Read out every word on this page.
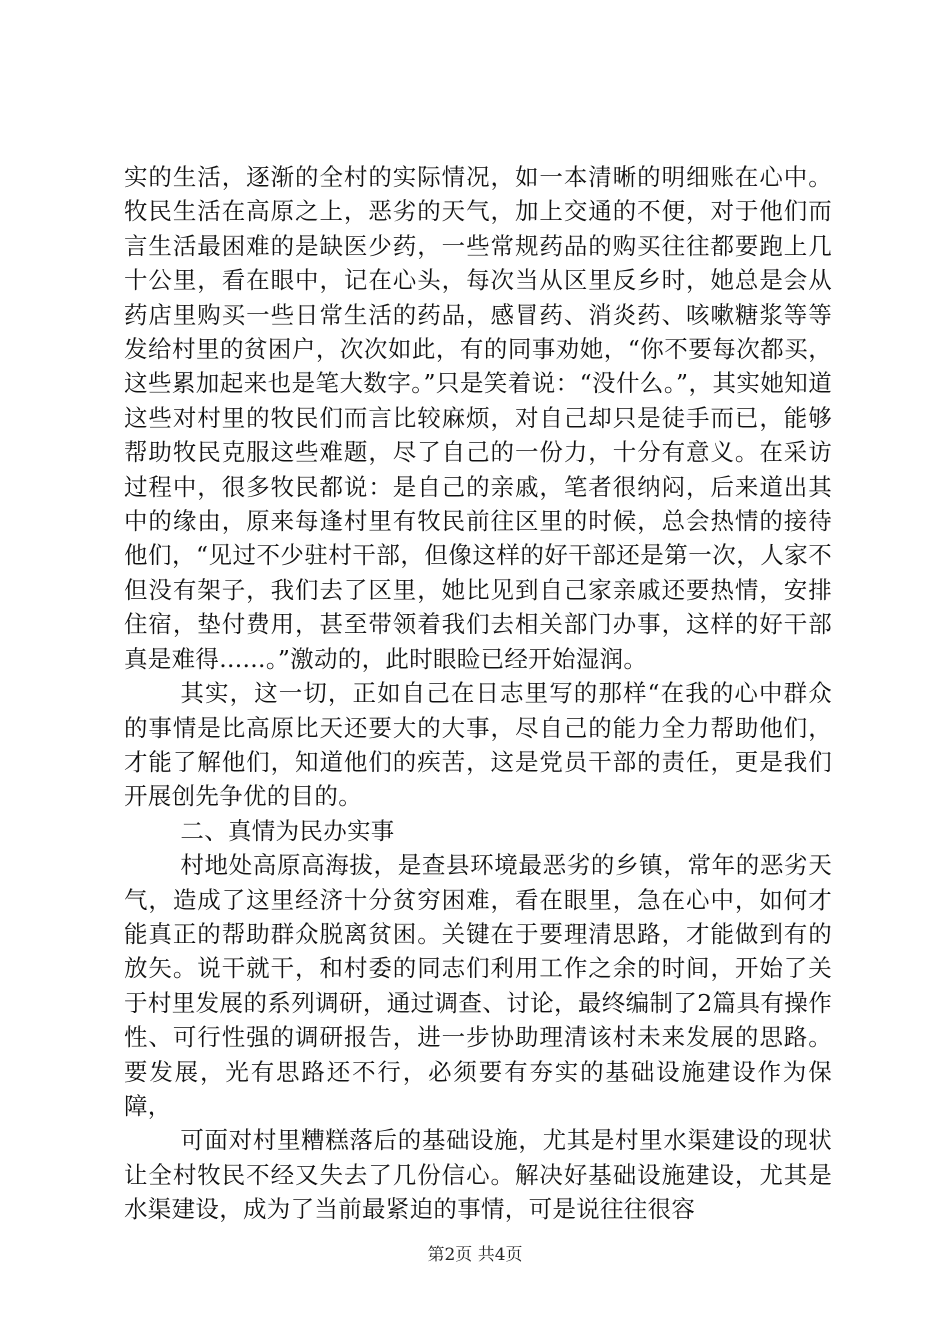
实的生活，逐渐的全村的实际情况，如一本清晰的明细账在心中。牧民生活在高原之上，恶劣的天气，加上交通的不便，对于他们而言生活最困难的是缺医少药，一些常规药品的购买往往都要跑上几十公里，看在眼中，记在心头，每次当从区里反乡时，她总是会从药店里购买一些日常生活的药品，感冒药、消炎药、咳嗽糖浆等等发给村里的贫困户，次次如此，有的同事劝她，“你不要每次都买，这些累加起来也是笔大数字。”只是笑着说：“没什么。”，其实她知道这些对村里的牧民们而言比较麻烦，对自己却只是徒手而已，能够帮助牧民克服这些难题，尽了自己的一份力，十分有意义。在采访过程中，很多牧民都说：是自己的亲戚，笔者很纳闷，后来道出其中的缘由，原来每逢村里有牧民前往区里的时候，总会热情的接待他们，“见过不少驻村干部，但像这样的好干部还是第一次，人家不但没有架子，我们去了区里，她比见到自己家亲戚还要热情，安排住宿，垫付费用，甚至带领着我们去相关部门办事，这样的好干部真是难得......。”激动的，此时眼睑已经开始湿润。

其实，这一切，正如自己在日志里写的那样“在我的心中群众的事情是比高原比天还要大的大事，尽自己的能力全力帮助他们，才能了解他们，知道他们的疾苦，这是党员干部的责任，更是我们开展创先争优的目的。

二、真情为民办实事

村地处高原高海拔，是查县环境最恶劣的乡镇，常年的恶劣天气，造成了这里经济十分贫穷困难，看在眼里，急在心中，如何才能真正的帮助群众脱离贫困。关键在于要理清思路，才能做到有的放矢。说干就干，和村委的同志们利用工作之余的时间，开始了关于村里发展的系列调研，通过调查、讨论，最终编制了2篇具有操作性、可行性强的调研报告，进一步协助理清该村未来发展的思路。要发展，光有思路还不行，必须要有夯实的基础设施建设作为保障，

可面对村里糟糕落后的基础设施，尤其是村里水渠建设的现状让全村牧民不经又失去了几份信心。解决好基础设施建设，尤其是水渠建设，成为了当前最紧迫的事情，可是说往往很容

第2页 共4页
